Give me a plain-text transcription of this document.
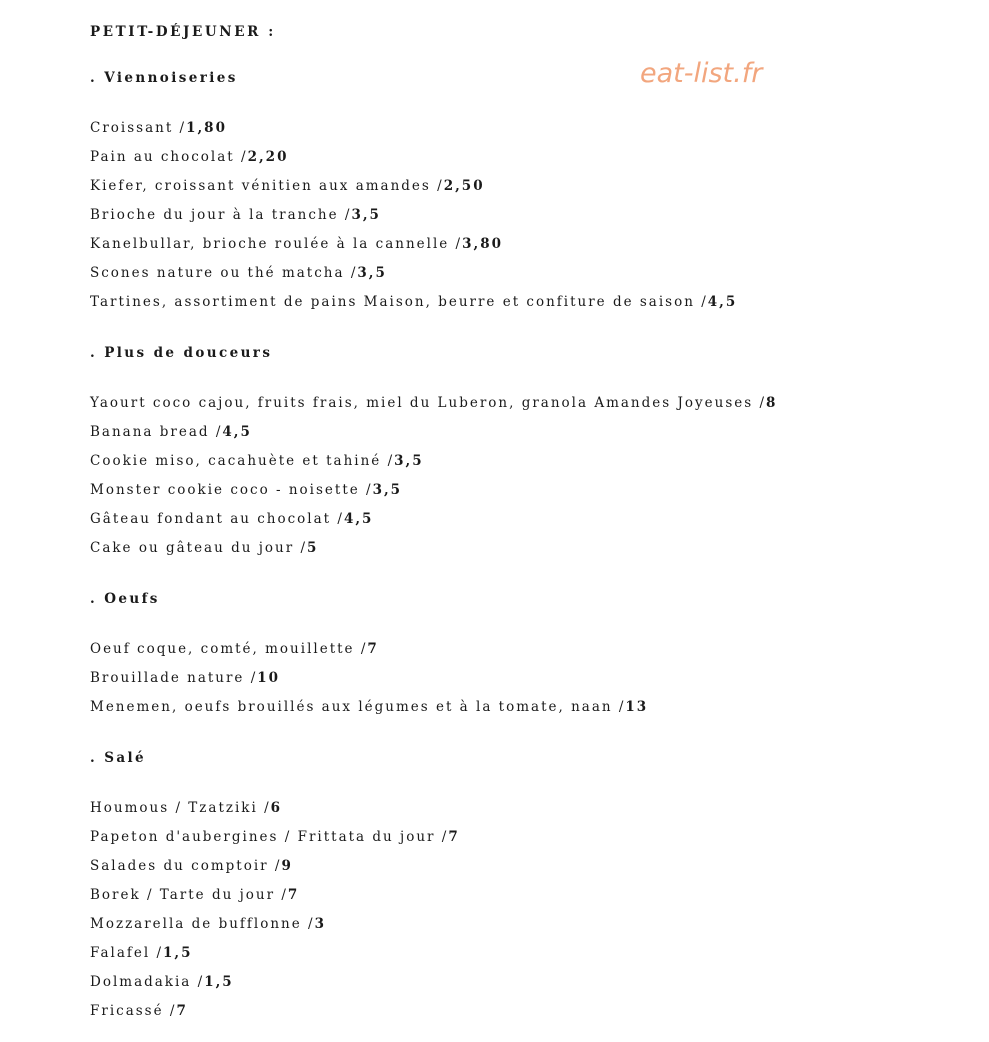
eat-list.fr
PETIT-DÉJEUNER :
. Viennoiseries
Croissant /1,80
Pain au chocolat /2,20
Kiefer, croissant vénitien aux amandes /2,50
Brioche du jour à la tranche /3,5
Kanelbullar, brioche roulée à la cannelle /3,80
Scones nature ou thé matcha /3,5
Tartines, assortiment de pains Maison, beurre et confiture de saison /4,5
. Plus de douceurs
Yaourt coco cajou, fruits frais, miel du Luberon, granola Amandes Joyeuses /8
Banana bread /4,5
Cookie miso, cacahuète et tahiné /3,5
Monster cookie coco - noisette /3,5
Gâteau fondant au chocolat /4,5
Cake ou gâteau du jour /5
. Oeufs
Oeuf coque, comté, mouillette /7
Brouillade nature /10
Menemen, oeufs brouillés aux légumes et à la tomate, naan /13
. Salé
Houmous / Tzatziki /6
Papeton d'aubergines / Frittata du jour /7
Salades du comptoir /9
Borek / Tarte du jour /7
Mozzarella de bufflonne /3
Falafel /1,5
Dolmadakia /1,5
Fricassé /7
